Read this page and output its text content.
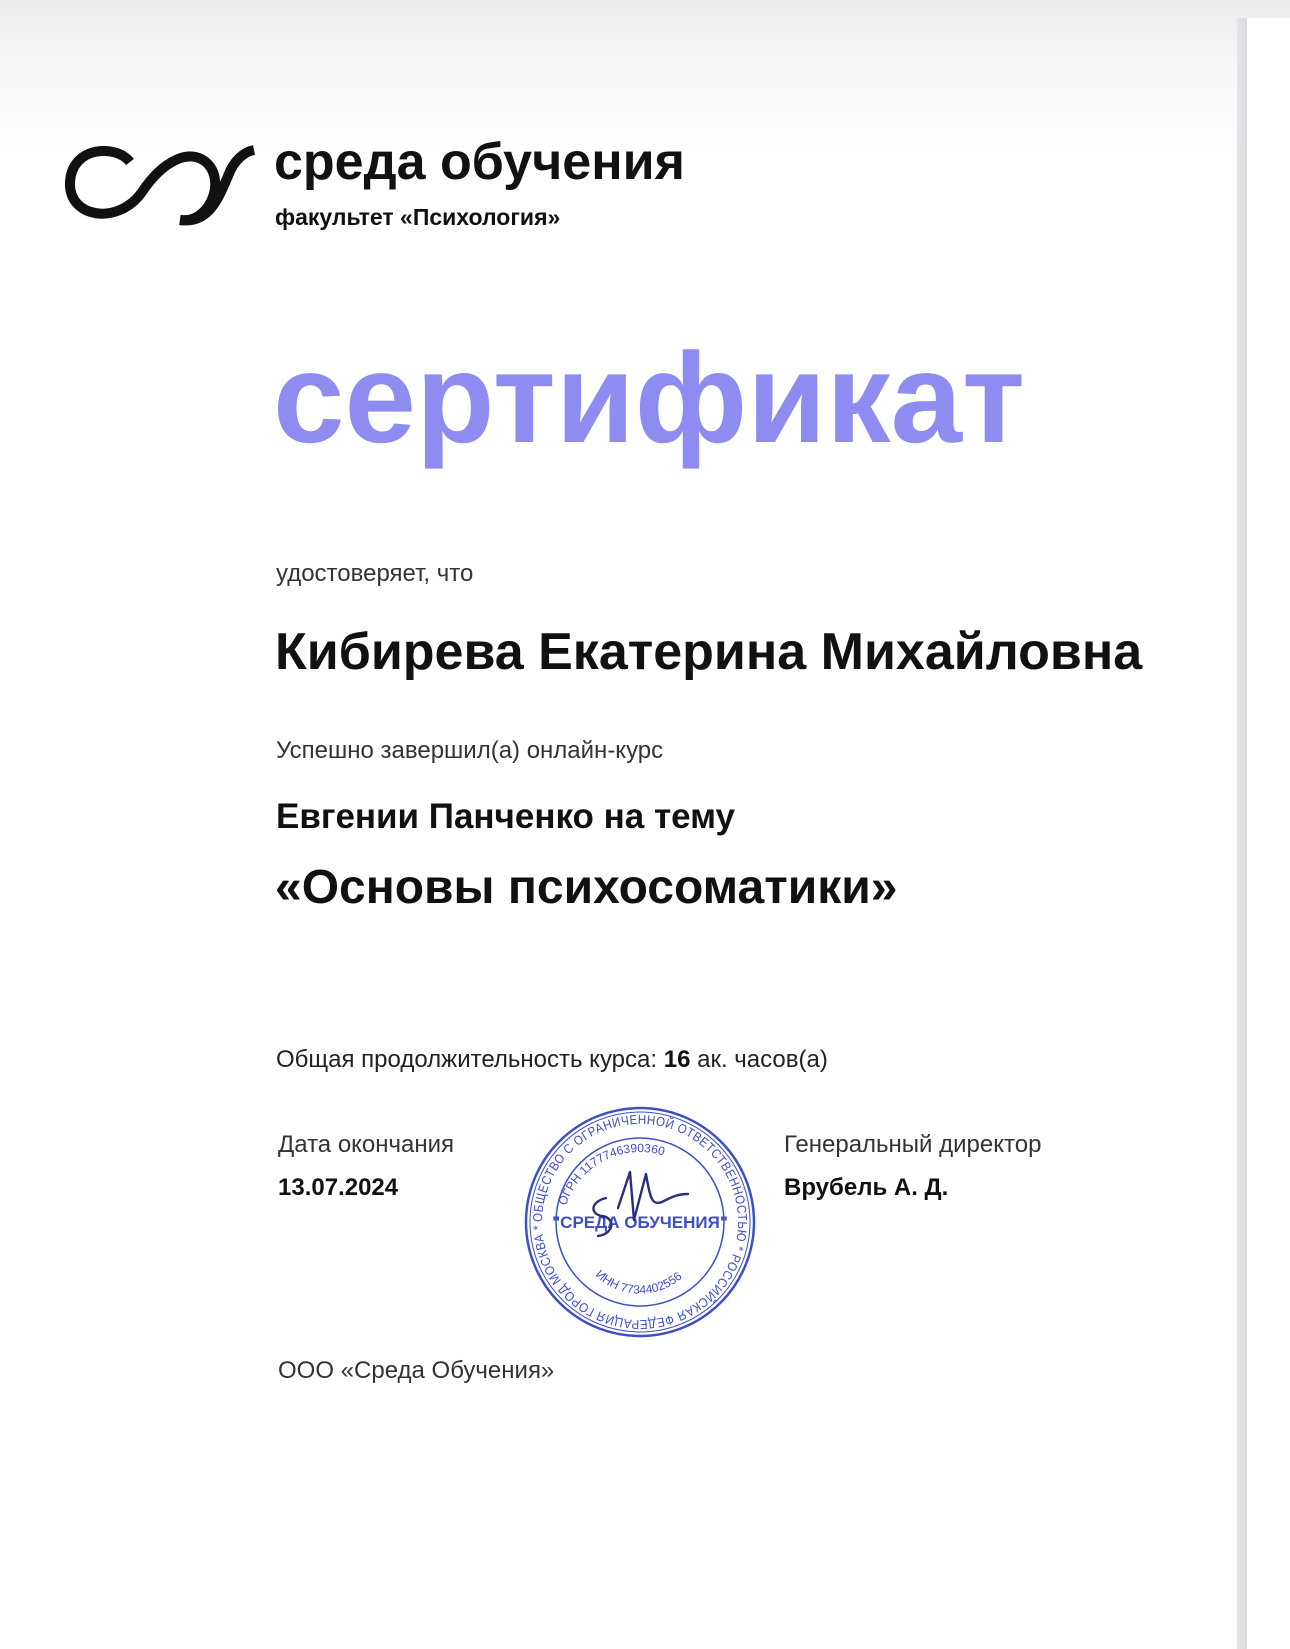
среда обучения
факультет «Психология»
сертификат
удостоверяет, что
Кибирева Екатерина Михайловна
Успешно завершил(а) онлайн-курс
Евгении Панченко на тему
«Основы психосоматики»
Общая продолжительность курса: 16 ак. часов(а)
Дата окончания
13.07.2024
Генеральный директор
Врубель А. Д.
ОБЩЕСТВО С ОГРАНИЧЕННОЙ ОТВЕТСТВЕННОСТЬЮ * РОССИЙСКАЯ ФЕДЕРАЦИЯ ГОРОД МОСКВА *
ОГРН 1177746390360
"СРЕДА ОБУЧЕНИЯ"
ИНН 7734402556
ООО «Среда Обучения»
